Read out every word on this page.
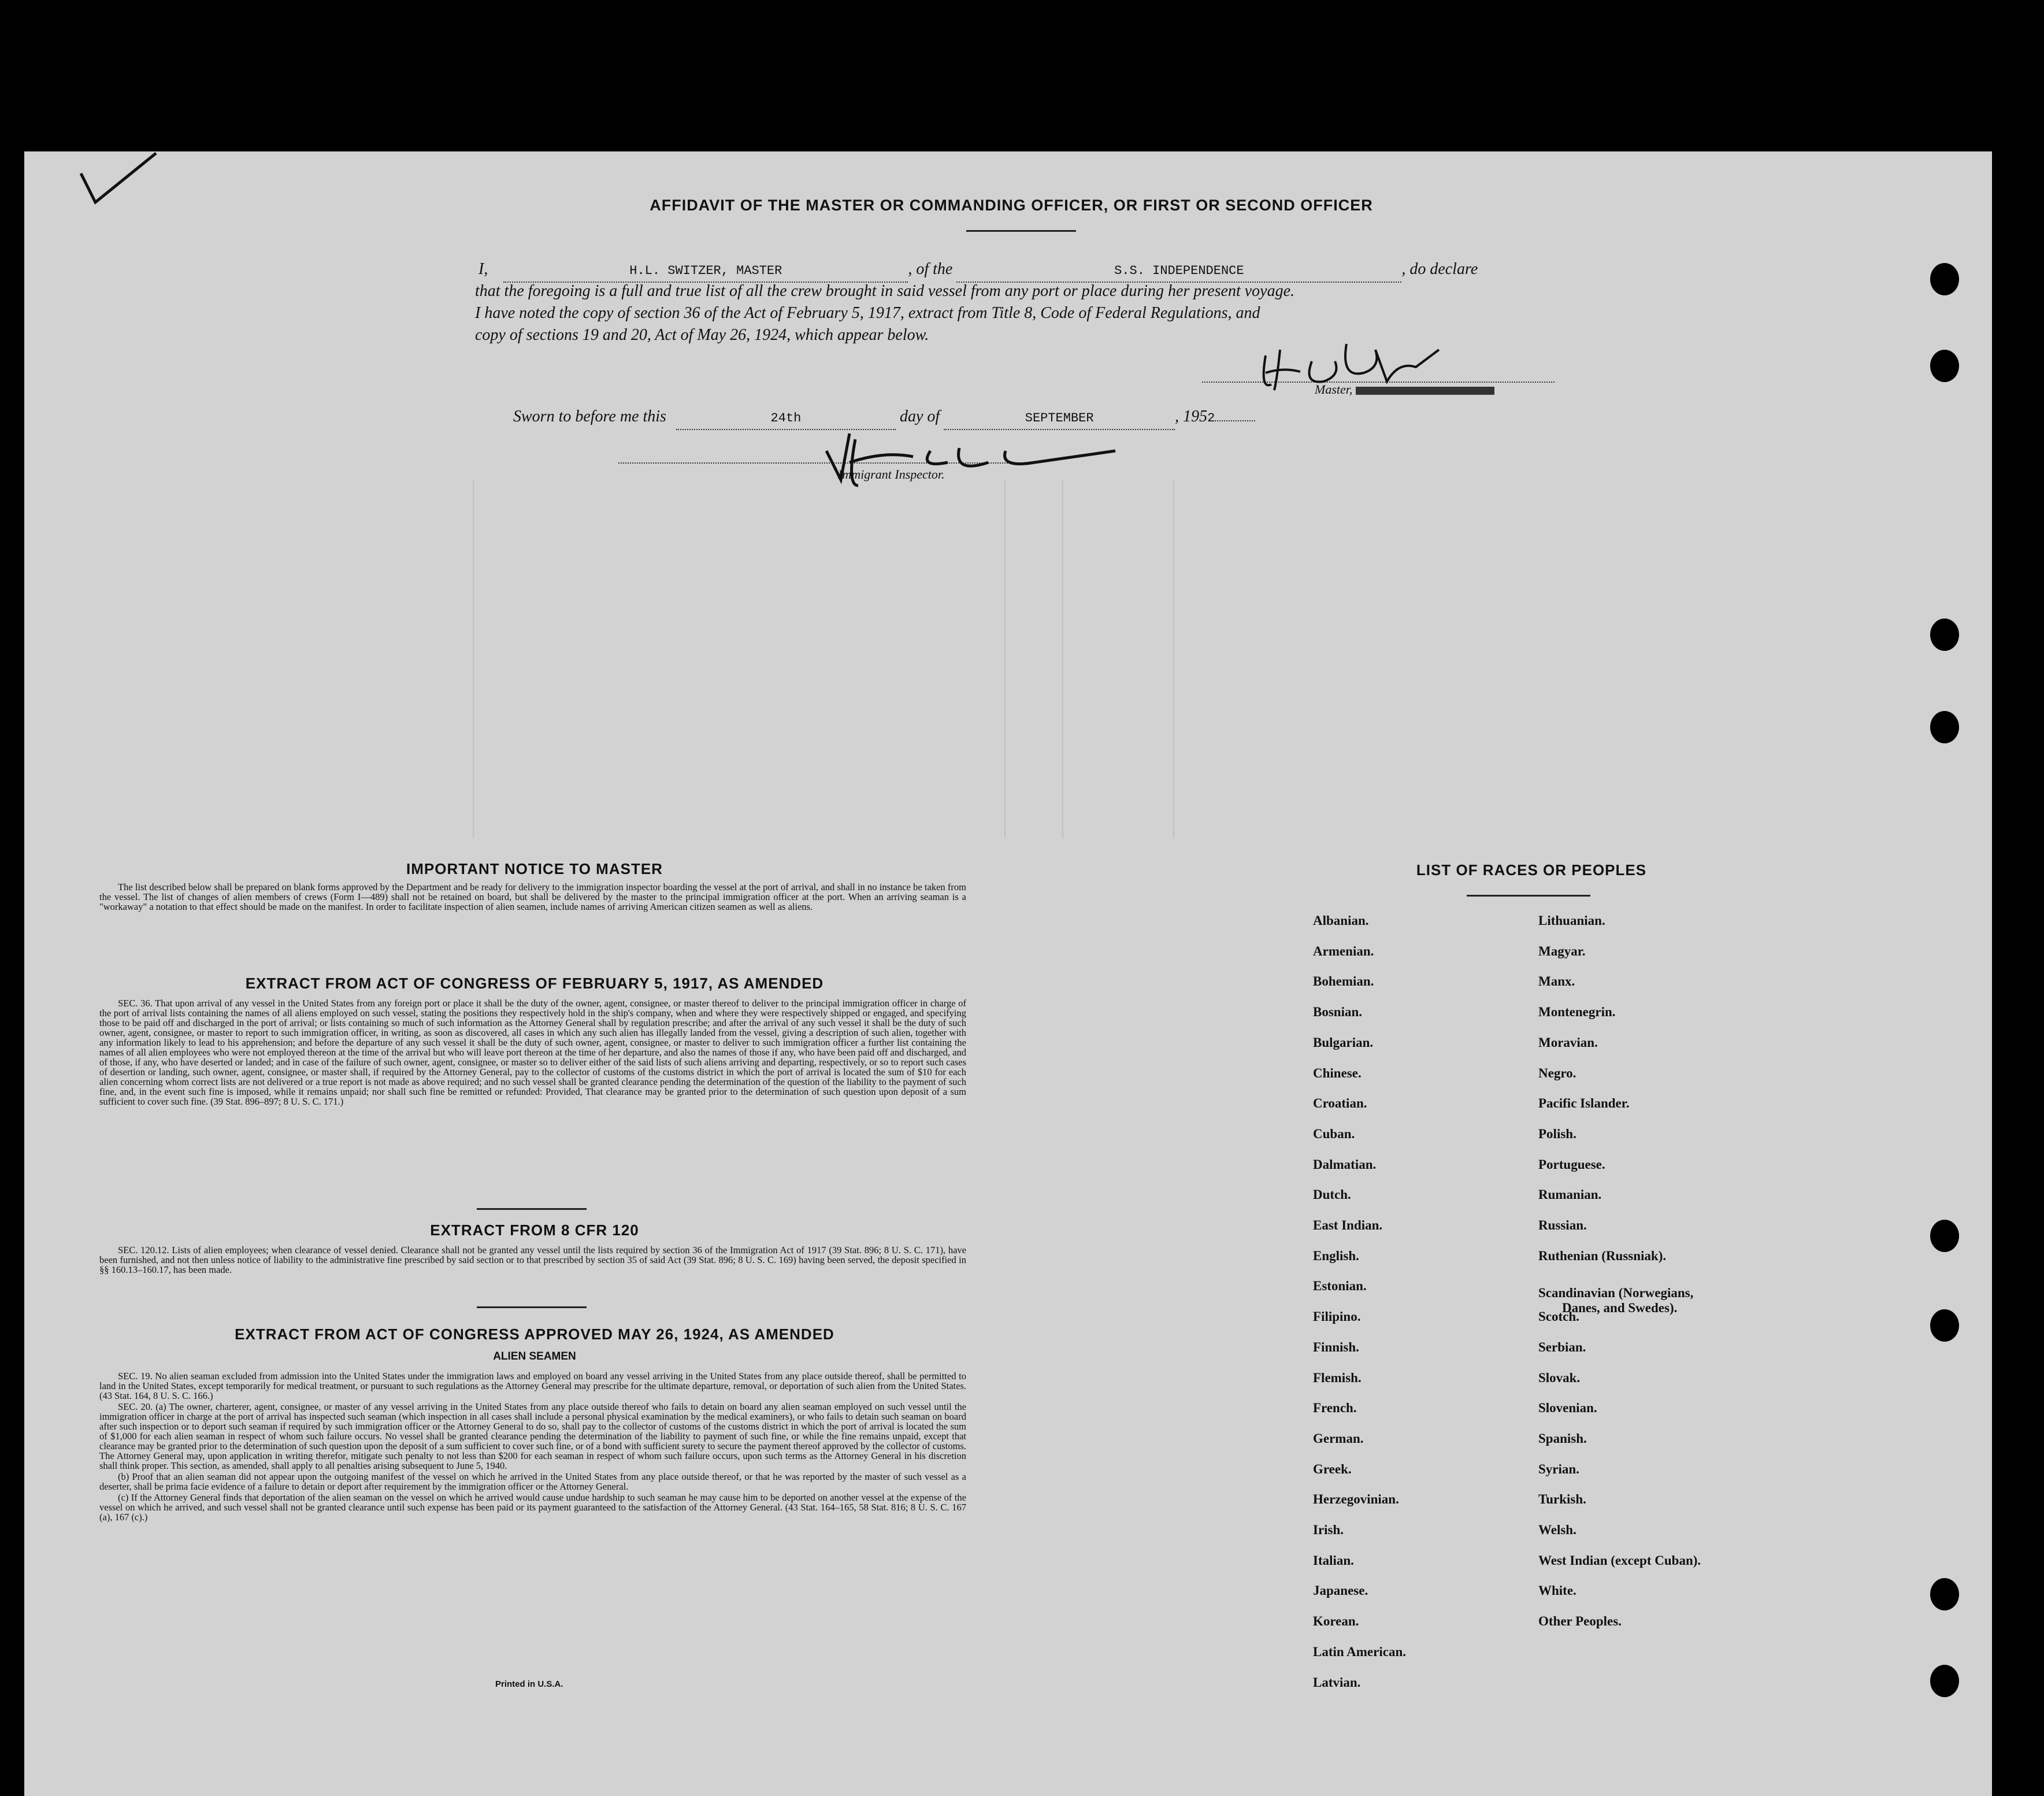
AFFIDAVIT OF THE MASTER OR COMMANDING OFFICER, OR FIRST OR SECOND OFFICER
I,	H.L. SWITZER, MASTER	, of the	S.S. INDEPENDENCE	, do declare
that the foregoing is a full and true list of all the crew brought in said vessel from any port or place during her present voyage.
I have noted the copy of section 36 of the Act of February 5, 1917, extract from Title 8, Code of Federal Regulations, and
copy of sections 19 and 20, Act of May 26, 1924, which appear below.
Master,
Sworn to before me this	24th	day of	SEPTEMBER	, 1952
Immigrant Inspector.
IMPORTANT NOTICE TO MASTER

The list described below shall be prepared on blank forms approved by the Department and be ready for delivery to the immigration inspector boarding the vessel at the port of arrival, and shall in no instance be taken from the vessel. The list of changes of alien members of crews (Form I—489) shall not be retained on board, but shall be delivered by the master to the principal immigration officer at the port. When an arriving seaman is a "workaway" a notation to that effect should be made on the manifest. In order to facilitate inspection of alien seamen, include names of arriving American citizen seamen as well as aliens.

EXTRACT FROM ACT OF CONGRESS OF FEBRUARY 5, 1917, AS AMENDED

SEC. 36. That upon arrival of any vessel in the United States from any foreign port or place it shall be the duty of the owner, agent, consignee, or master thereof to deliver to the principal immigration officer in charge of the port of arrival lists containing the names of all aliens employed on such vessel, stating the positions they respectively hold in the ship's company, when and where they were respectively shipped or engaged, and specifying those to be paid off and discharged in the port of arrival; or lists containing so much of such information as the Attorney General shall by regulation prescribe; and after the arrival of any such vessel it shall be the duty of such owner, agent, consignee, or master to report to such immigration officer, in writing, as soon as discovered, all cases in which any such alien has illegally landed from the vessel, giving a description of such alien, together with any information likely to lead to his apprehension; and before the departure of any such vessel it shall be the duty of such owner, agent, consignee, or master to deliver to such immigration officer a further list containing the names of all alien employees who were not employed thereon at the time of the arrival but who will leave port thereon at the time of her departure, and also the names of those if any, who have been paid off and discharged, and of those, if any, who have deserted or landed; and in case of the failure of such owner, agent, consignee, or master so to deliver either of the said lists of such aliens arriving and departing, respectively, or so to report such cases of desertion or landing, such owner, agent, consignee, or master shall, if required by the Attorney General, pay to the collector of customs of the customs district in which the port of arrival is located the sum of $10 for each alien concerning whom correct lists are not delivered or a true report is not made as above required; and no such vessel shall be granted clearance pending the determination of the question of the liability to the payment of such fine, and, in the event such fine is imposed, while it remains unpaid; nor shall such fine be remitted or refunded: Provided, That clearance may be granted prior to the determination of such question upon deposit of a sum sufficient to cover such fine. (39 Stat. 896–897; 8 U. S. C. 171.)

EXTRACT FROM 8 CFR 120

SEC. 120.12. Lists of alien employees; when clearance of vessel denied. Clearance shall not be granted any vessel until the lists required by section 36 of the Immigration Act of 1917 (39 Stat. 896; 8 U. S. C. 171), have been furnished, and not then unless notice of liability to the administrative fine prescribed by said section or to that prescribed by section 35 of said Act (39 Stat. 896; 8 U. S. C. 169) having been served, the deposit specified in §§ 160.13–160.17, has been made.

EXTRACT FROM ACT OF CONGRESS APPROVED MAY 26, 1924, AS AMENDED
ALIEN SEAMEN

SEC. 19. No alien seaman excluded from admission into the United States under the immigration laws and employed on board any vessel arriving in the United States from any place outside thereof, shall be permitted to land in the United States, except temporarily for medical treatment, or pursuant to such regulations as the Attorney General may prescribe for the ultimate departure, removal, or deportation of such alien from the United States. (43 Stat. 164, 8 U. S. C. 166.)

SEC. 20. (a) The owner, charterer, agent, consignee, or master of any vessel arriving in the United States from any place outside thereof who fails to detain on board any alien seaman employed on such vessel until the immigration officer in charge at the port of arrival has inspected such seaman (which inspection in all cases shall include a personal physical examination by the medical examiners), or who fails to detain such seaman on board after such inspection or to deport such seaman if required by such immigration officer or the Attorney General to do so, shall pay to the collector of customs of the customs district in which the port of arrival is located the sum of $1,000 for each alien seaman in respect of whom such failure occurs. No vessel shall be granted clearance pending the determination of the liability to payment of such fine, or while the fine remains unpaid, except that clearance may be granted prior to the determination of such question upon the deposit of a sum sufficient to cover such fine, or of a bond with sufficient surety to secure the payment thereof approved by the collector of customs. The Attorney General may, upon application in writing therefor, mitigate such penalty to not less than $200 for each seaman in respect of whom such failure occurs, upon such terms as the Attorney General in his discretion shall think proper. This section, as amended, shall apply to all penalties arising subsequent to June 5, 1940.

(b) Proof that an alien seaman did not appear upon the outgoing manifest of the vessel on which he arrived in the United States from any place outside thereof, or that he was reported by the master of such vessel as a deserter, shall be prima facie evidence of a failure to detain or deport after requirement by the immigration officer or the Attorney General.

(c) If the Attorney General finds that deportation of the alien seaman on the vessel on which he arrived would cause undue hardship to such seaman he may cause him to be deported on another vessel at the expense of the vessel on which he arrived, and such vessel shall not be granted clearance until such expense has been paid or its payment guaranteed to the satisfaction of the Attorney General. (43 Stat. 164–165, 58 Stat. 816; 8 U. S. C. 167 (a), 167 (c).)

Printed in U.S.A.
LIST OF RACES OR PEOPLES
Albanian.
Armenian.
Bohemian.
Bosnian.
Bulgarian.
Chinese.
Croatian.
Cuban.
Dalmatian.
Dutch.
East Indian.
English.
Estonian.
Filipino.
Finnish.
Flemish.
French.
German.
Greek.
Herzegovinian.
Irish.
Italian.
Japanese.
Korean.
Latin American.
Latvian.
Lithuanian.
Magyar.
Manx.
Montenegrin.
Moravian.
Negro.
Pacific Islander.
Polish.
Portuguese.
Rumanian.
Russian.
Ruthenian (Russniak).
Scandinavian (Norwegians,
Danes, and Swedes).
Scotch.
Serbian.
Slovak.
Slovenian.
Spanish.
Syrian.
Turkish.
Welsh.
West Indian (except Cuban).
White.
Other Peoples.
